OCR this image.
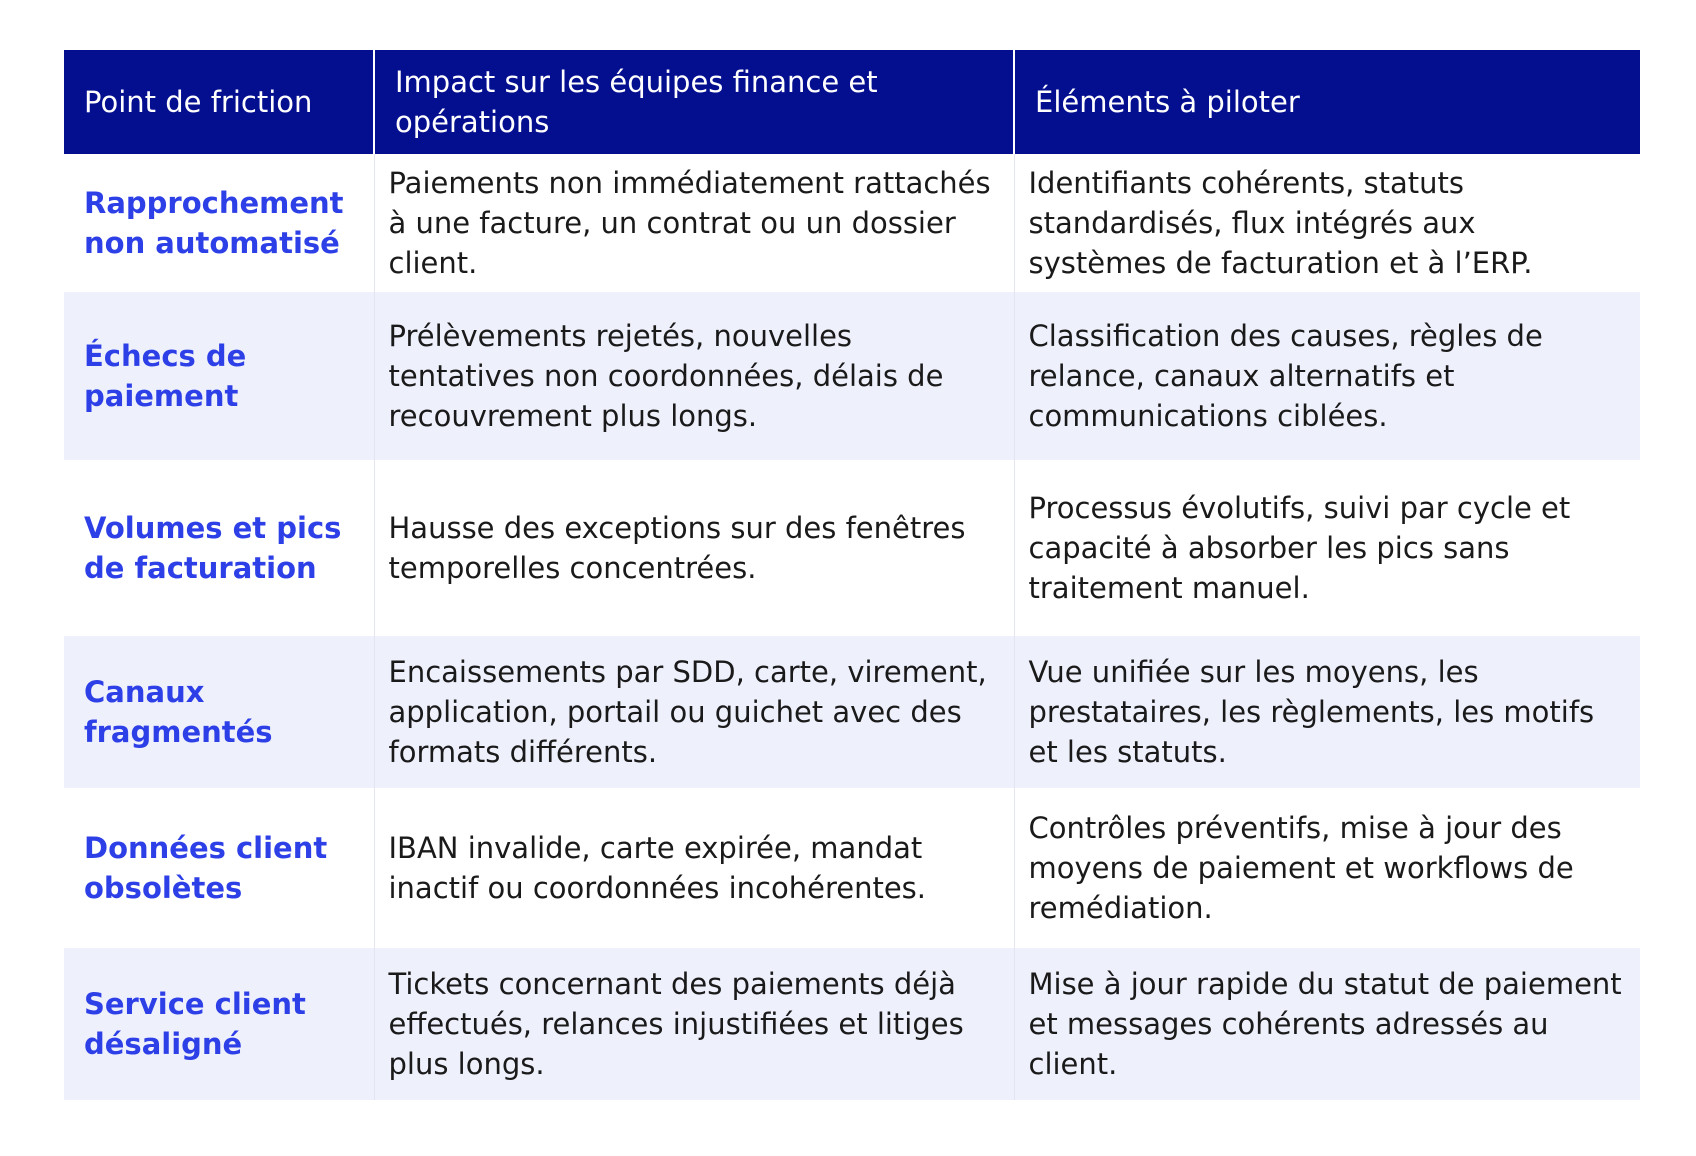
Point de friction	Impact sur les équipes finance et opérations	Éléments à piloter
Rapprochement non automatisé	Paiements non immédiatement rattachés à une facture, un contrat ou un dossier client.	Identifiants cohérents, statuts standardisés, flux intégrés aux systèmes de facturation et à l’ERP.
Échecs de paiement	Prélèvements rejetés, nouvelles tentatives non coordonnées, délais de recouvrement plus longs.	Classification des causes, règles de relance, canaux alternatifs et communications ciblées.
Volumes et pics de facturation	Hausse des exceptions sur des fenêtres temporelles concentrées.	Processus évolutifs, suivi par cycle et capacité à absorber les pics sans traitement manuel.
Canaux fragmentés	Encaissements par SDD, carte, virement, application, portail ou guichet avec des formats différents.	Vue unifiée sur les moyens, les prestataires, les règlements, les motifs et les statuts.
Données client obsolètes	IBAN invalide, carte expirée, mandat inactif ou coordonnées incohérentes.	Contrôles préventifs, mise à jour des moyens de paiement et workflows de remédiation.
Service client désaligné	Tickets concernant des paiements déjà effectués, relances injustifiées et litiges plus longs.	Mise à jour rapide du statut de paiement et messages cohérents adressés au client.
